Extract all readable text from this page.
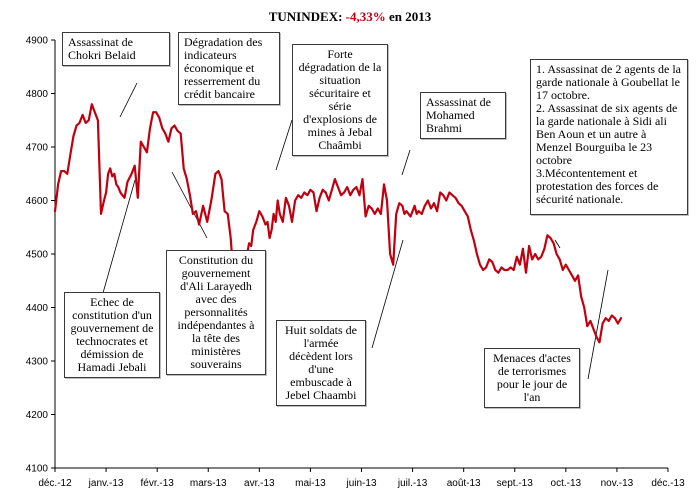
4100
4200
4300
4400
4500
4600
4700
4800
4900
déc.-12 janv.-13 févr.-13 mars-13 avr.-13 mai-13 juin-13 juil.-13 août-13 sept.-13 oct.-13 nov.-13 déc.-13
TUNINDEX: -4,33% en 2013
Assassinat de Chokri Belaid
Dégradation des indicateurs économique et resserrement du crédit bancaire
Forte dégradation de la situation sécuritaire et série d'explosions de mines à Jebal Chaâmbi
Assassinat de Mohamed Brahmi
1. Assassinat de 2 agents de la garde nationale à Goubellat le 17 octobre.
2. Assassinat de six agents de la garde nationale à Sidi ali Ben Aoun et un autre à Menzel Bourguiba le 23 octobre
3.Mécontentement et protestation des forces de sécurité nationale.
Echec de constitution d'un gouvernement de technocrates et démission de Hamadi Jebali
Constitution du gouvernement d'Ali Larayedh avec des personnalités indépendantes à la tête des ministères souverains
Huit soldats de l'armée décèdent lors d'une embuscade à Jebel Chaambi
Menaces d'actes de terrorismes pour le jour de l'an
